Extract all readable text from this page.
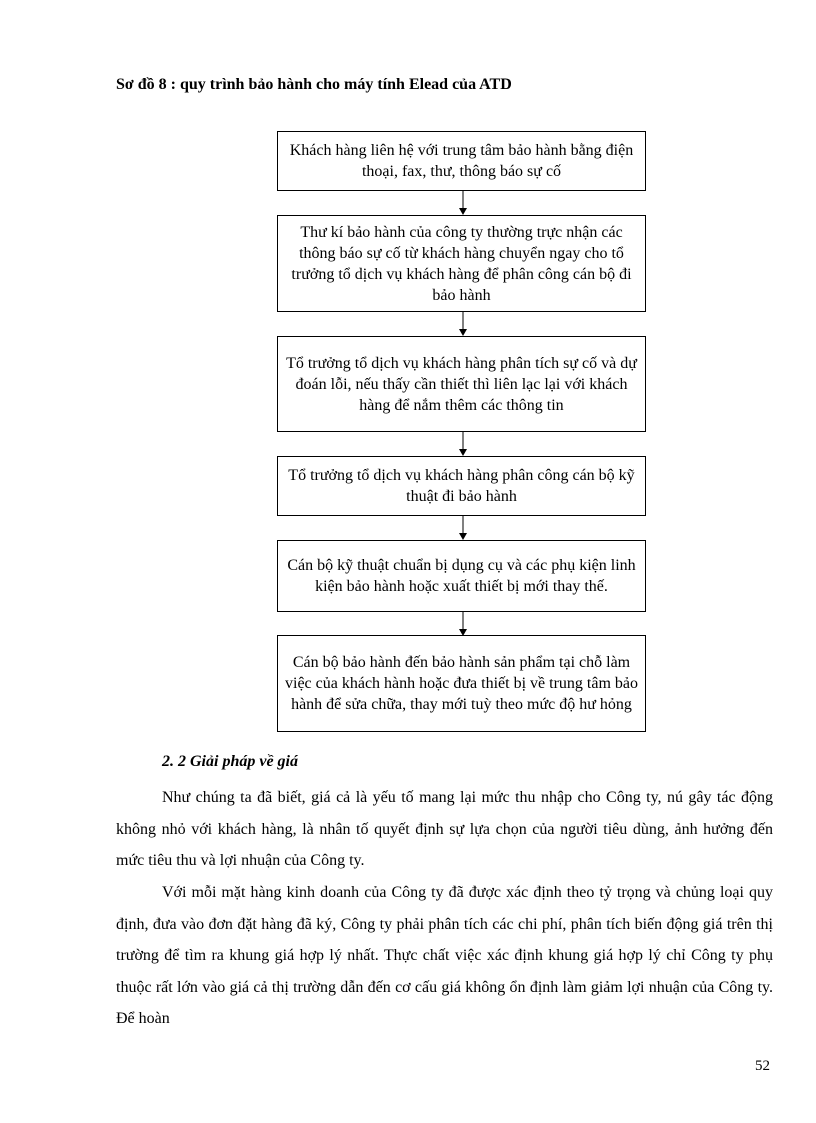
Sơ đồ 8 : quy trình bảo hành cho máy tính Elead của ATD
Khách hàng liên hệ với trung tâm bảo hành bằng điện thoại, fax, thư, thông báo sự cố
Thư kí bảo hành của công ty thường trực nhận các thông báo sự cố từ khách hàng chuyển ngay cho tổ trưởng tổ dịch vụ khách hàng để phân công cán bộ đi bảo hành
Tổ trưởng tổ dịch vụ khách hàng phân tích sự cố và dự đoán lỗi, nếu thấy cần thiết thì liên lạc lại với khách hàng để nắm thêm các thông tin
Tổ trưởng tổ dịch vụ khách hàng phân công cán bộ kỹ thuật đi bảo hành
Cán bộ kỹ thuật chuẩn bị dụng cụ và các phụ kiện linh kiện bảo hành hoặc xuất thiết bị mới thay thế.
Cán bộ bảo hành đến bảo hành sản phẩm tại chỗ làm việc của khách hành hoặc đưa thiết bị về trung tâm bảo hành để sửa chữa, thay mới tuỳ theo mức độ hư hỏng
2. 2 Giải pháp về giá

Như chúng ta đã biết, giá cả là yếu tố mang lại mức thu nhập cho Công ty, nú gây tác động không nhỏ với khách hàng, là nhân tố quyết định sự lựa chọn của người tiêu dùng, ảnh hưởng đến mức tiêu thu và lợi nhuận của Công ty.

Với mỗi mặt hàng kinh doanh của Công ty đã được xác định theo tỷ trọng và chủng loại quy định, đưa vào đơn đặt hàng đã ký, Công ty phải phân tích các chi phí, phân tích biến động giá trên thị trường để tìm ra khung giá hợp lý nhất. Thực chất việc xác định khung giá hợp lý chỉ Công ty phụ thuộc rất lớn vào giá cả thị trường dẫn đến cơ cấu giá không ổn định làm giảm lợi nhuận của Công ty. Để hoàn

52
